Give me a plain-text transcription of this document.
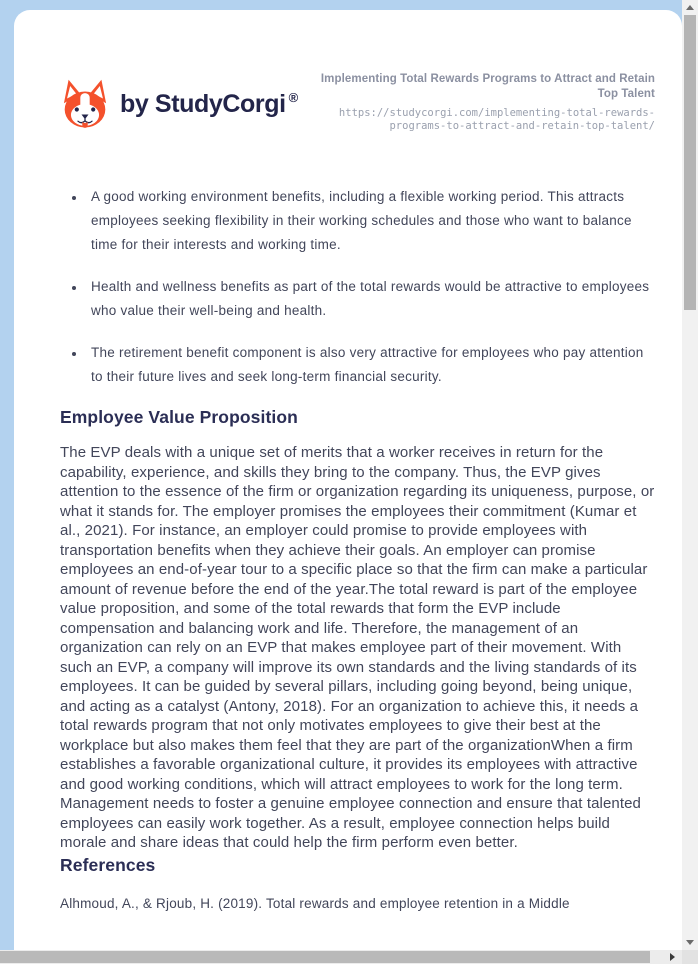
by StudyCorgi ®
Implementing Total Rewards Programs to Attract and Retain Top Talent
https://studycorgi.com/implementing-total-rewards-programs-to-attract-and-retain-top-talent/
• A good working environment benefits, including a flexible working period. This attracts employees seeking flexibility in their working schedules and those who want to balance time for their interests and working time.
• Health and wellness benefits as part of the total rewards would be attractive to employees who value their well-being and health.
• The retirement benefit component is also very attractive for employees who pay attention to their future lives and seek long-term financial security.
Employee Value Proposition

The EVP deals with a unique set of merits that a worker receives in return for the capability, experience, and skills they bring to the company. Thus, the EVP gives attention to the essence of the firm or organization regarding its uniqueness, purpose, or what it stands for. The employer promises the employees their commitment (Kumar et al., 2021). For instance, an employer could promise to provide employees with transportation benefits when they achieve their goals. An employer can promise employees an end-of-year tour to a specific place so that the firm can make a particular amount of revenue before the end of the year.The total reward is part of the employee value proposition, and some of the total rewards that form the EVP include compensation and balancing work and life. Therefore, the management of an organization can rely on an EVP that makes employee part of their movement. With such an EVP, a company will improve its own standards and the living standards of its employees. It can be guided by several pillars, including going beyond, being unique, and acting as a catalyst (Antony, 2018). For an organization to achieve this, it needs a total rewards program that not only motivates employees to give their best at the workplace but also makes them feel that they are part of the organizationWhen a firm establishes a favorable organizational culture, it provides its employees with attractive and good working conditions, which will attract employees to work for the long term. Management needs to foster a genuine employee connection and ensure that talented employees can easily work together. As a result, employee connection helps build morale and share ideas that could help the firm perform even better.

References

Alhmoud, A., & Rjoub, H. (2019). Total rewards and employee retention in a Middle
